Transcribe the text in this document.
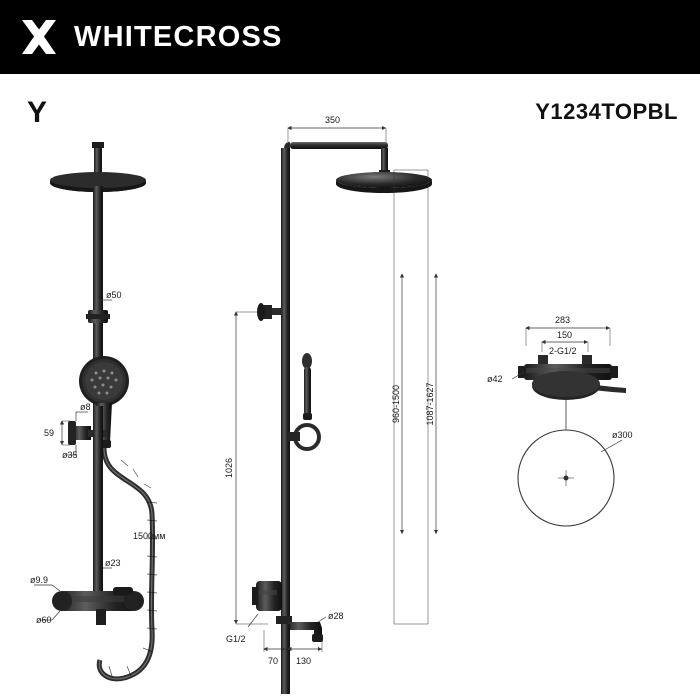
WHITECROSS
Y	Y1234TOPBL
ø50
ø8
59
ø35
1500мм
ø23
ø9.9
ø60
350
1026
960-1500	1087-1627
G1/2
ø28
70 130
283
150
2-G1/2
ø42
ø300
